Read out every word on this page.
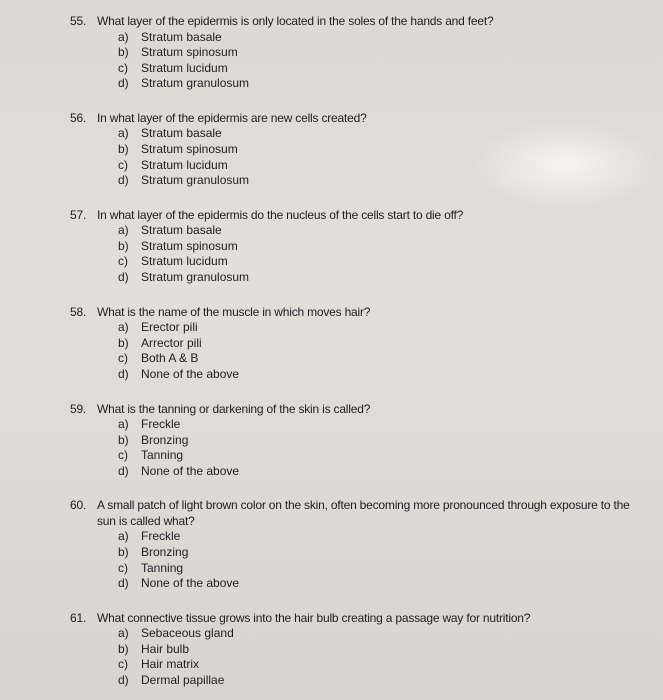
55. What layer of the epidermis is only located in the soles of the hands and feet?
a)	Stratum basale
b)	Stratum spinosum
c)	Stratum lucidum
d)	Stratum granulosum
56. In what layer of the epidermis are new cells created?
a)	Stratum basale
b)	Stratum spinosum
c)	Stratum lucidum
d)	Stratum granulosum
57. In what layer of the epidermis do the nucleus of the cells start to die off?
a)	Stratum basale
b)	Stratum spinosum
c)	Stratum lucidum
d)	Stratum granulosum
58. What is the name of the muscle in which moves hair?
a)	Erector pili
b)	Arrector pili
c)	Both A & B
d)	None of the above
59. What is the tanning or darkening of the skin is called?
a)	Freckle
b)	Bronzing
c)	Tanning
d)	None of the above
60. A small patch of light brown color on the skin, often becoming more pronounced through exposure to the sun is called what?
a)	Freckle
b)	Bronzing
c)	Tanning
d)	None of the above
61. What connective tissue grows into the hair bulb creating a passage way for nutrition?
a)	Sebaceous gland
b)	Hair bulb
c)	Hair matrix
d)	Dermal papillae
